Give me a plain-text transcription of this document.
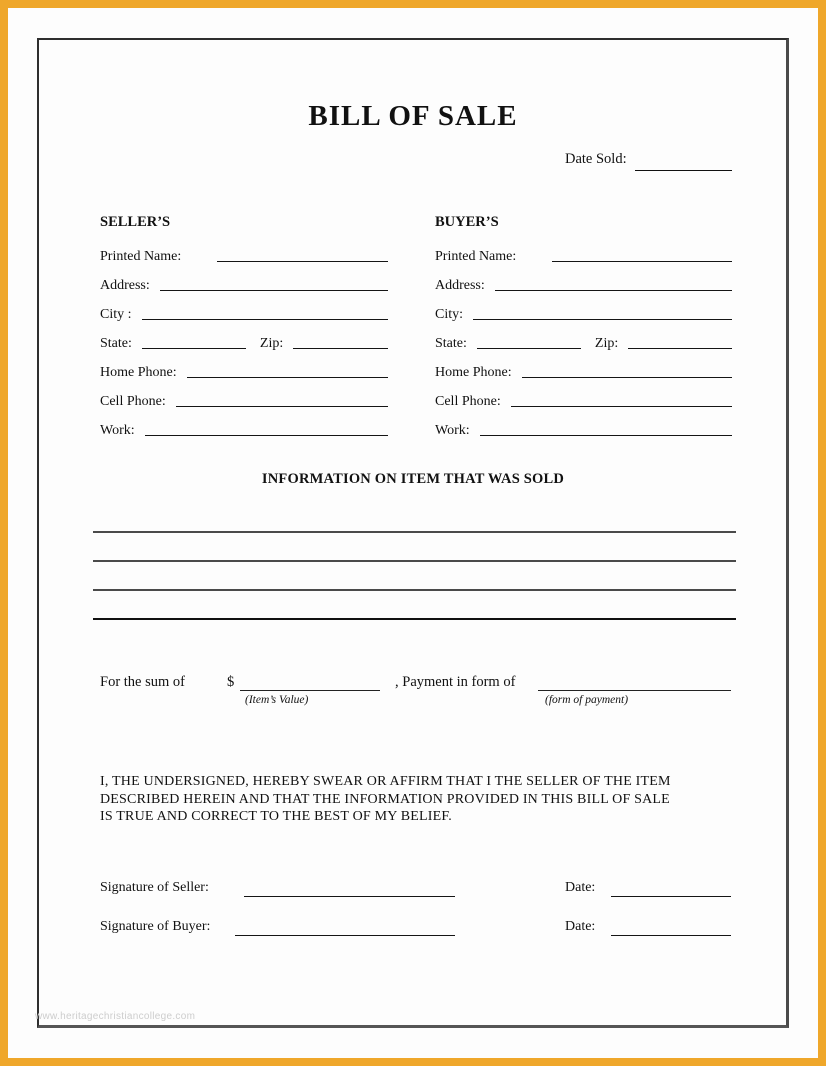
BILL OF SALE
Date Sold:
SELLER’S
Printed Name:
Address:
City :
State:	Zip:
Home Phone:
Cell Phone:
Work:
BUYER’S
Printed Name:
Address:
City:
State:	Zip:
Home Phone:
Cell Phone:
Work:
INFORMATION ON ITEM THAT WAS SOLD
For the sum of	$
(Item’s Value)
, Payment in form of
(form of payment)
I, THE UNDERSIGNED, HEREBY SWEAR OR AFFIRM THAT I THE SELLER OF THE ITEM
DESCRIBED HEREIN AND THAT THE INFORMATION PROVIDED IN THIS BILL OF SALE
IS TRUE AND CORRECT TO THE BEST OF MY BELIEF.
Signature of Seller:	Date:
Signature of Buyer:	Date:
www.heritagechristiancollege.com
